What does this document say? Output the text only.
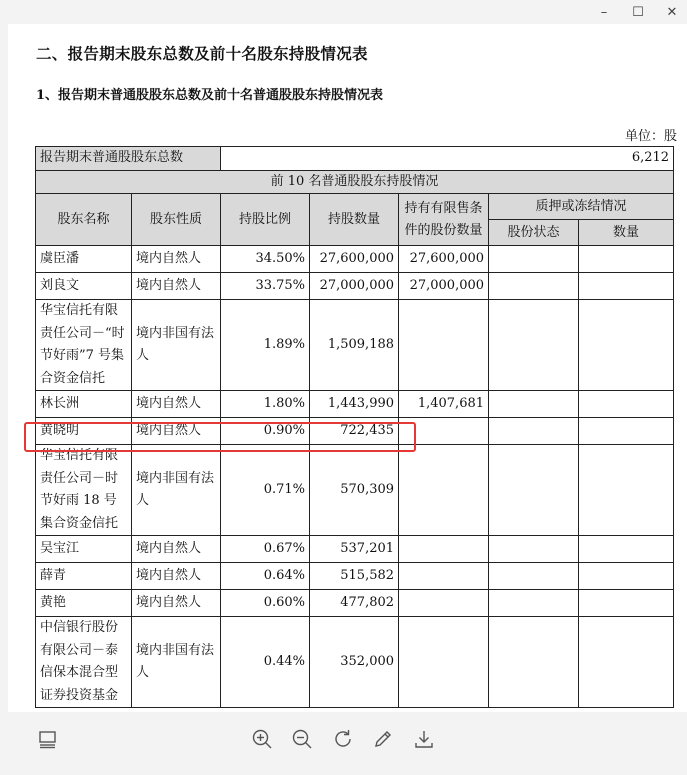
–	☐	✕
二、报告期末股东总数及前十名股东持股情况表
1、报告期末普通股股东总数及前十名普通股股东持股情况表
单位：股
报告期末普通股股东总数		6,212				
前 10 名普通股股东持股情况						
股东名称	股东性质	持股比例	持股数量	持有有限售条件的股份数量	质押或冻结情况	
					股份状态	数量
虞臣潘	境内自然人	34.50%	27,600,000	27,600,000		
刘良文	境内自然人	33.75%	27,000,000	27,000,000		
华宝信托有限责任公司－“时节好雨”7 号集合资金信托	境内非国有法人	1.89%	1,509,188			
林长洲	境内自然人	1.80%	1,443,990	1,407,681		
黄晓明	境内自然人	0.90%	722,435			
华宝信托有限责任公司－时节好雨 18 号集合资金信托	境内非国有法人	0.71%	570,309			
吴宝江	境内自然人	0.67%	537,201			
薛青	境内自然人	0.64%	515,582			
黄艳	境内自然人	0.60%	477,802			
中信银行股份有限公司－泰信保本混合型证券投资基金	境内非国有法人	0.44%	352,000			
